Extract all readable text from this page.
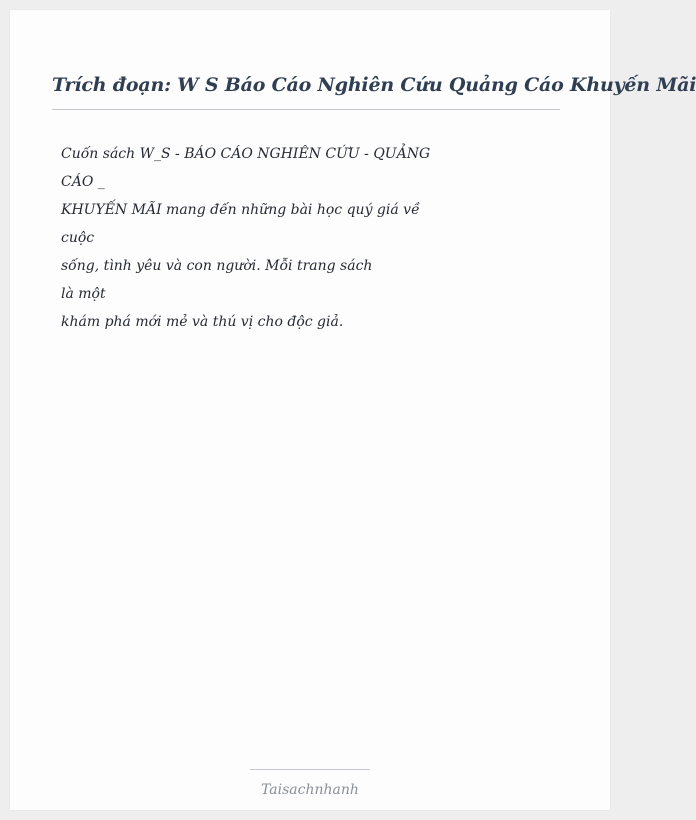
Trích đoạn: W S Báo Cáo Nghiên Cứu Quảng Cáo Khuyến Mãi
Cuốn sách W_S - BÁO CÁO NGHIÊN CỨU - QUẢNG
CÁO _
KHUYẾN MÃI mang đến những bài học quý giá về
cuộc
sống, tình yêu và con người. Mỗi trang sách
là một
khám phá mới mẻ và thú vị cho độc giả.
Taisachnhanh
